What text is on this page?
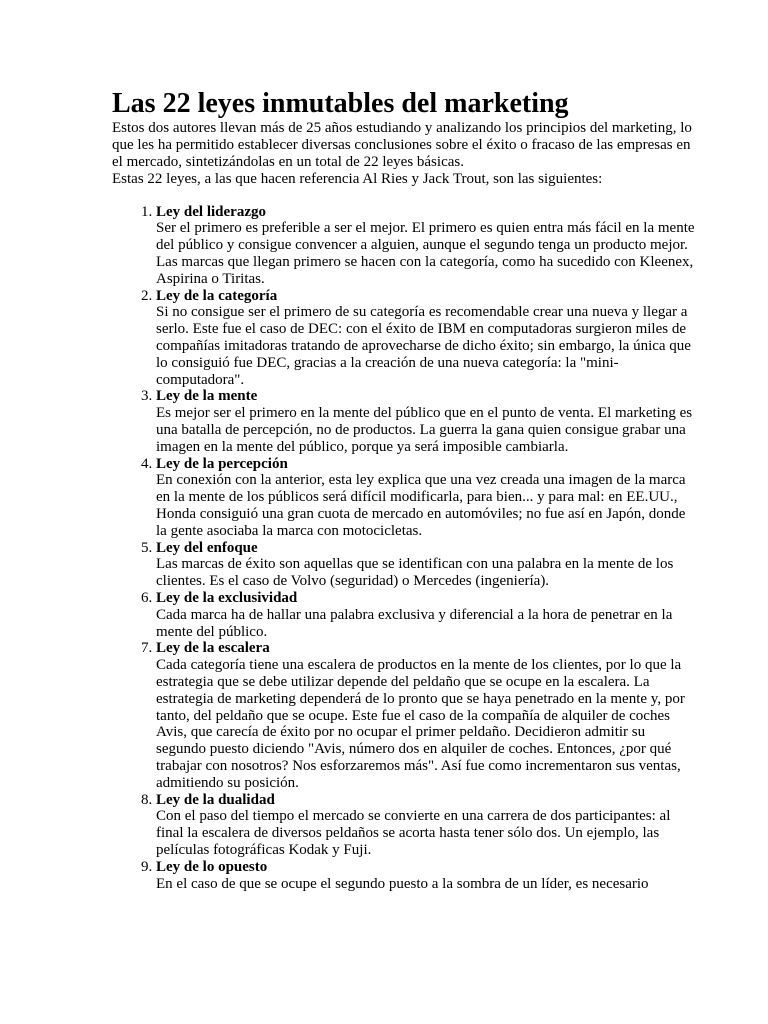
Las 22 leyes inmutables del marketing

Estos dos autores llevan más de 25 años estudiando y analizando los principios del marketing, lo que les ha permitido establecer diversas conclusiones sobre el éxito o fracaso de las empresas en el mercado, sintetizándolas en un total de 22 leyes básicas.

Estas 22 leyes, a las que hacen referencia Al Ries y Jack Trout, son las siguientes:

1. Ley del liderazgo
Ser el primero es preferible a ser el mejor. El primero es quien entra más fácil en la mente del público y consigue convencer a alguien, aunque el segundo tenga un producto mejor. Las marcas que llegan primero se hacen con la categoría, como ha sucedido con Kleenex, Aspirina o Tiritas.
2. Ley de la categoría
Si no consigue ser el primero de su categoría es recomendable crear una nueva y llegar a serlo. Este fue el caso de DEC: con el éxito de IBM en computadoras surgieron miles de compañías imitadoras tratando de aprovecharse de dicho éxito; sin embargo, la única que lo consiguió fue DEC, gracias a la creación de una nueva categoría: la "mini-computadora".
3. Ley de la mente
Es mejor ser el primero en la mente del público que en el punto de venta. El marketing es una batalla de percepción, no de productos. La guerra la gana quien consigue grabar una imagen en la mente del público, porque ya será imposible cambiarla.
4. Ley de la percepción
En conexión con la anterior, esta ley explica que una vez creada una imagen de la marca en la mente de los públicos será difícil modificarla, para bien... y para mal: en EE.UU., Honda consiguió una gran cuota de mercado en automóviles; no fue así en Japón, donde la gente asociaba la marca con motocicletas.
5. Ley del enfoque
Las marcas de éxito son aquellas que se identifican con una palabra en la mente de los clientes. Es el caso de Volvo (seguridad) o Mercedes (ingeniería).
6. Ley de la exclusividad
Cada marca ha de hallar una palabra exclusiva y diferencial a la hora de penetrar en la mente del público.
7. Ley de la escalera
Cada categoría tiene una escalera de productos en la mente de los clientes, por lo que la estrategia que se debe utilizar depende del peldaño que se ocupe en la escalera. La estrategia de marketing dependerá de lo pronto que se haya penetrado en la mente y, por tanto, del peldaño que se ocupe. Este fue el caso de la compañía de alquiler de coches Avis, que carecía de éxito por no ocupar el primer peldaño. Decidieron admitir su segundo puesto diciendo "Avis, número dos en alquiler de coches. Entonces, ¿por qué trabajar con nosotros? Nos esforzaremos más". Así fue como incrementaron sus ventas, admitiendo su posición.
8. Ley de la dualidad
Con el paso del tiempo el mercado se convierte en una carrera de dos participantes: al final la escalera de diversos peldaños se acorta hasta tener sólo dos. Un ejemplo, las películas fotográficas Kodak y Fuji.
9. Ley de lo opuesto
En el caso de que se ocupe el segundo puesto a la sombra de un líder, es necesario
